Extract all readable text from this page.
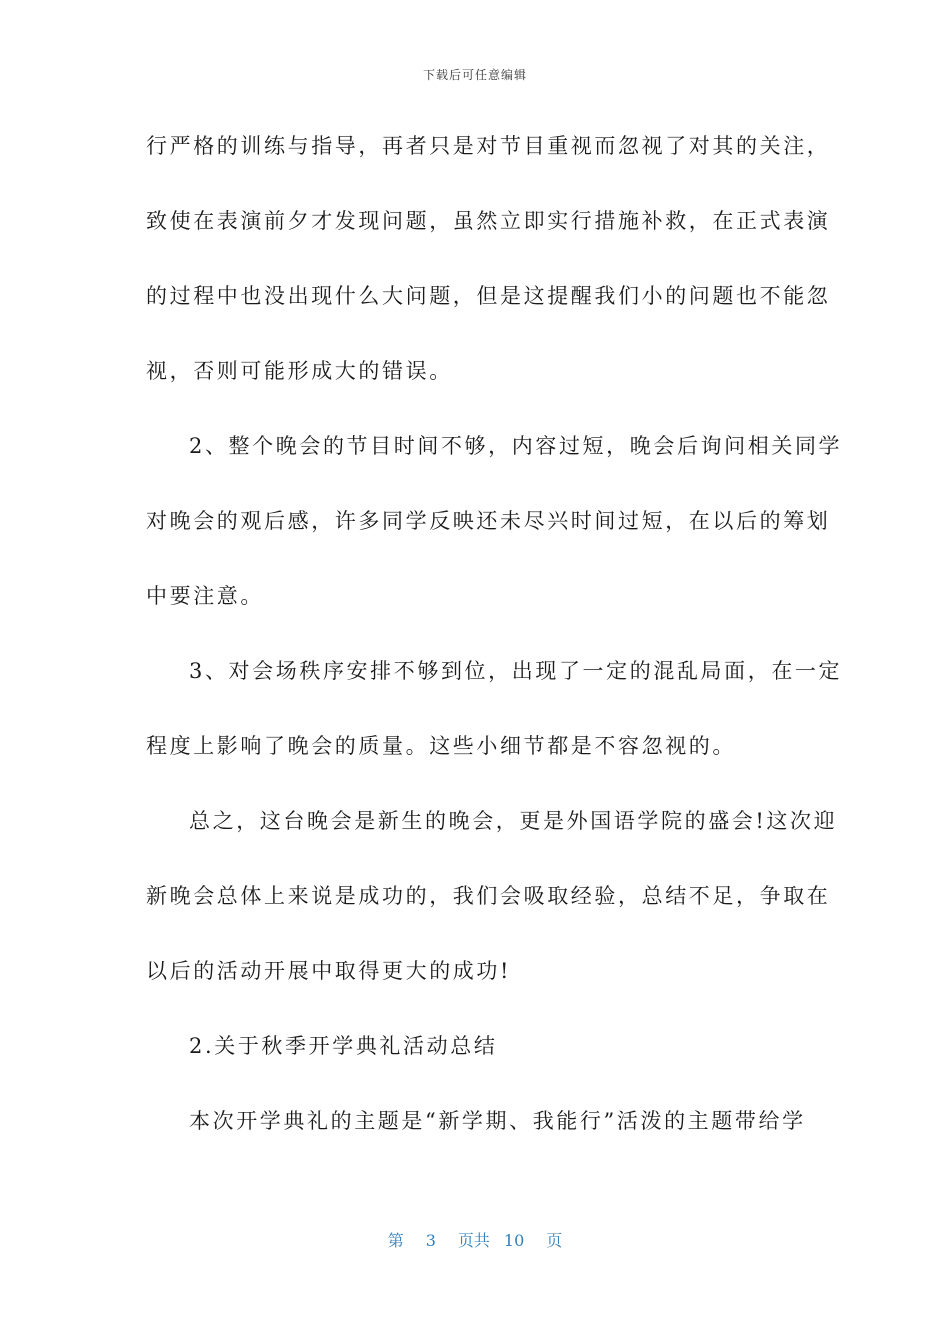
下载后可任意编辑
行严格的训练与指导，再者只是对节目重视而忽视了对其的关注，
致使在表演前夕才发现问题，虽然立即实行措施补救，在正式表演
的过程中也没出现什么大问题，但是这提醒我们小的问题也不能忽
视，否则可能形成大的错误。
2、整个晚会的节目时间不够，内容过短，晚会后询问相关同学
对晚会的观后感，许多同学反映还未尽兴时间过短，在以后的筹划
中要注意。
3、对会场秩序安排不够到位，出现了一定的混乱局面，在一定
程度上影响了晚会的质量。这些小细节都是不容忽视的。
总之，这台晚会是新生的晚会，更是外国语学院的盛会!这次迎
新晚会总体上来说是成功的，我们会吸取经验，总结不足，争取在
以后的活动开展中取得更大的成功!
2.关于秋季开学典礼活动总结
本次开学典礼的主题是“新学期、我能行”活泼的主题带给学
第 3 页共 10 页
